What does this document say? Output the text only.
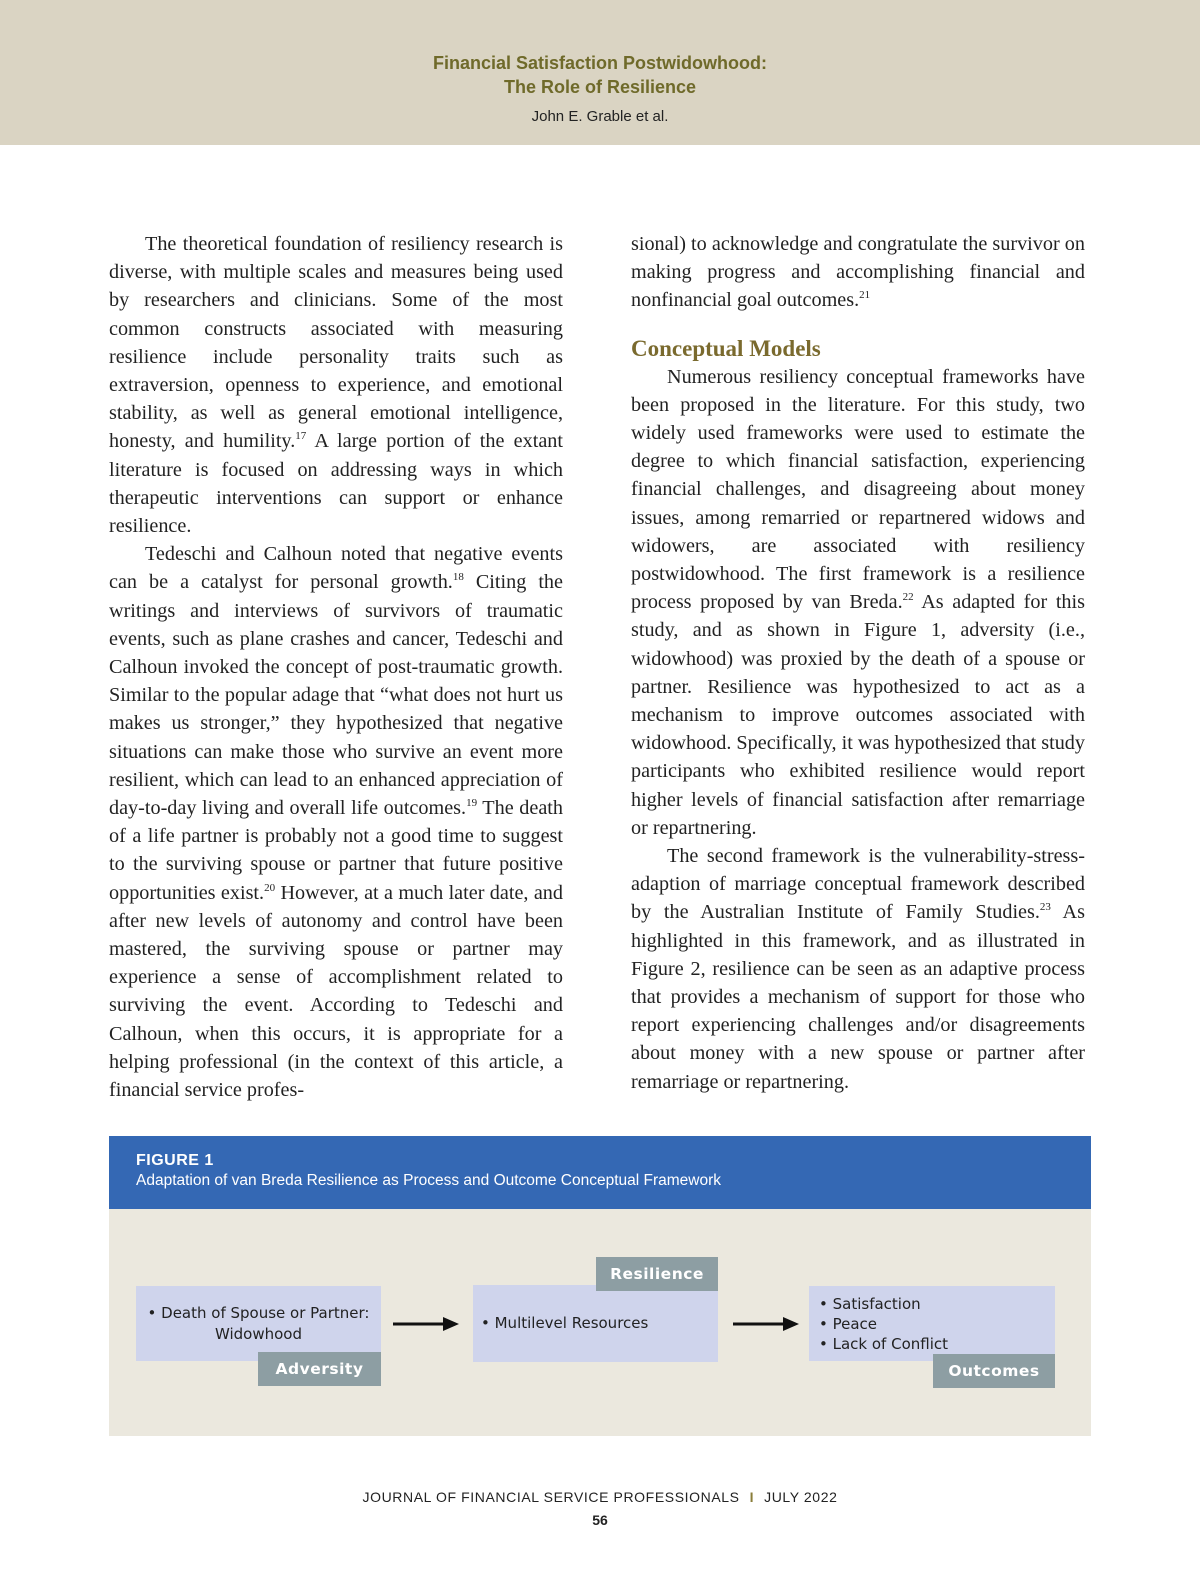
Financial Satisfaction Postwidowhood:
The Role of Resilience
John E. Grable et al.

The theoretical foundation of resiliency research is diverse, with multiple scales and measures being used by researchers and clinicians. Some of the most common constructs associated with measuring resilience include personality traits such as extraversion, openness to experience, and emotional stability, as well as general emotional intelligence, honesty, and humility.$^{17}$ A large portion of the extant literature is focused on addressing ways in which therapeutic interventions can support or enhance resilience.

Tedeschi and Calhoun noted that negative events can be a catalyst for personal growth.$^{18}$ Citing the writings and interviews of survivors of traumatic events, such as plane crashes and cancer, Tedeschi and Calhoun invoked the concept of post-traumatic growth. Similar to the popular adage that “what does not hurt us makes us stronger,” they hypothesized that negative situations can make those who survive an event more resilient, which can lead to an enhanced appreciation of day-to-day living and overall life outcomes.$^{19}$ The death of a life partner is probably not a good time to suggest to the surviving spouse or partner that future positive opportunities exist.$^{20}$ However, at a much later date, and after new levels of autonomy and control have been mastered, the surviving spouse or partner may experience a sense of accomplishment related to surviving the event. According to Tedeschi and Calhoun, when this occurs, it is appropriate for a helping professional (in the context of this article, a financial service profes-

sional) to acknowledge and congratulate the survivor on making progress and accomplishing financial and nonfinancial goal outcomes.$^{21}$

Conceptual Models

Numerous resiliency conceptual frameworks have been proposed in the literature. For this study, two widely used frameworks were used to estimate the degree to which financial satisfaction, experiencing financial challenges, and disagreeing about money issues, among remarried or repartnered widows and widowers, are associated with resiliency postwidowhood. The first framework is a resilience process proposed by van Breda.$^{22}$ As adapted for this study, and as shown in Figure 1, adversity (i.e., widowhood) was proxied by the death of a spouse or partner. Resilience was hypothesized to act as a mechanism to improve outcomes associated with widowhood. Specifically, it was hypothesized that study participants who exhibited resilience would report higher levels of financial satisfaction after remarriage or repartnering.

The second framework is the vulnerability-stress-adaption of marriage conceptual framework described by the Australian Institute of Family Studies.$^{23}$ As highlighted in this framework, and as illustrated in Figure 2, resilience can be seen as an adaptive process that provides a mechanism of support for those who report experiencing challenges and/or disagreements about money with a new spouse or partner after remarriage or repartnering.

FIGURE 1
Adaptation of van Breda Resilience as Process and Outcome Conceptual Framework
• Death of Spouse or Partner:
Widowhood
Adversity
• Multilevel Resources
Resilience
• Satisfaction
• Peace
• Lack of Conflict
Outcomes
JOURNAL OF FINANCIAL SERVICE PROFESSIONALS I JULY 2022
56
